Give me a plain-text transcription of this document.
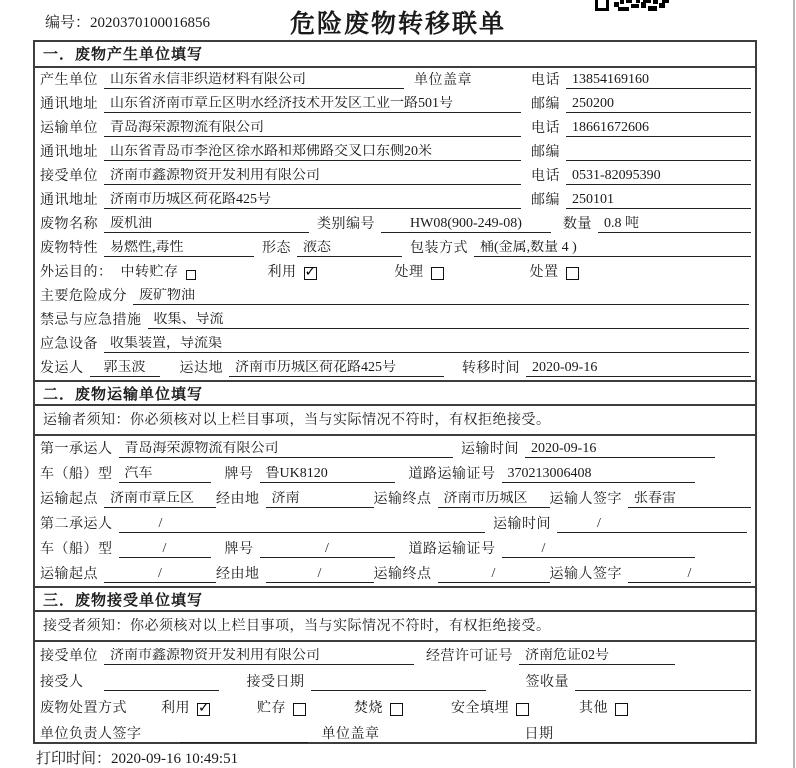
编号：2020370100016856	危险废物转移联单
一．废物产生单位填写
产生单位 山东省永信非织造材料有限公司	单位盖章	电话 13854169160
通讯地址 山东省济南市章丘区明水经济技术开发区工业一路501号	邮编 250200
运输单位 青岛海荣源物流有限公司	电话 18661672606
通讯地址 山东省青岛市李沧区徐水路和郑佛路交叉口东侧20米	邮编
接受单位 济南市鑫源物资开发利用有限公司	电话 0531-82095390
通讯地址 济南市历城区荷花路425号	邮编 250101
废物名称 废机油	类别编号	HW08(900-249-08)	数量 0.8 吨
废物特性 易燃性,毒性	形态 液态	包装方式 桶(金属,数量 4 )
外运目的： 中转贮存	利用 ✓	处理	处置
主要危险成分 废矿物油
禁忌与应急措施 收集、导流
应急设备 收集装置，导流渠
发运人	郭玉波	运达地 济南市历城区荷花路425号	转移时间 2020-09-16
二．废物运输单位填写
运输者须知：你必须核对以上栏目事项，当与实际情况不符时，有权拒绝接受。
第一承运人 青岛海荣源物流有限公司	运输时间 2020-09-16
车（船）型 汽车	牌号 鲁UK8120	道路运输证号 370213006408
运输起点 济南市章丘区	经由地 济南	运输终点 济南市历城区	运输人签字 张春雷
第二承运人	/	运输时间	/
车（船）型	/	牌号	/	道路运输证号	/
运输起点	/	经由地	/	运输终点	/	运输人签字	/
三．废物接受单位填写
接受者须知：你必须核对以上栏目事项，当与实际情况不符时，有权拒绝接受。
接受单位 济南市鑫源物资开发利用有限公司	经营许可证号 济南危证02号
接受人	接受日期	签收量
废物处置方式 利用 ✓	贮存	焚烧	安全填埋	其他
单位负责人签字	单位盖章	日期
打印时间：2020-09-16 10:49:51
